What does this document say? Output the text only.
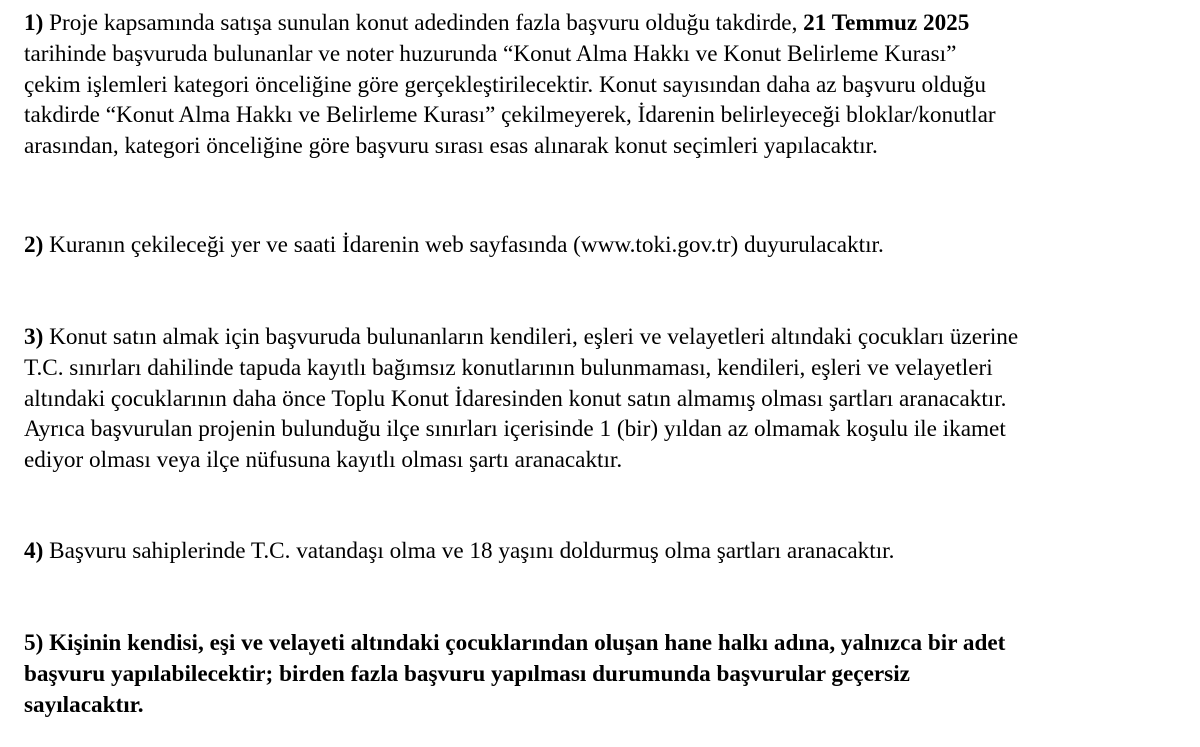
1) Proje kapsamında satışa sunulan konut adedinden fazla başvuru olduğu takdirde, 21 Temmuz 2025
tarihinde başvuruda bulunanlar ve noter huzurunda “Konut Alma Hakkı ve Konut Belirleme Kurası”
çekim işlemleri kategori önceliğine göre gerçekleştirilecektir. Konut sayısından daha az başvuru olduğu
takdirde “Konut Alma Hakkı ve Belirleme Kurası” çekilmeyerek, İdarenin belirleyeceği bloklar/konutlar
arasından, kategori önceliğine göre başvuru sırası esas alınarak konut seçimleri yapılacaktır.

2) Kuranın çekileceği yer ve saati İdarenin web sayfasında (www.toki.gov.tr) duyurulacaktır.

3) Konut satın almak için başvuruda bulunanların kendileri, eşleri ve velayetleri altındaki çocukları üzerine
T.C. sınırları dahilinde tapuda kayıtlı bağımsız konutlarının bulunmaması, kendileri, eşleri ve velayetleri
altındaki çocuklarının daha önce Toplu Konut İdaresinden konut satın almamış olması şartları aranacaktır.
Ayrıca başvurulan projenin bulunduğu ilçe sınırları içerisinde 1 (bir) yıldan az olmamak koşulu ile ikamet
ediyor olması veya ilçe nüfusuna kayıtlı olması şartı aranacaktır.

4) Başvuru sahiplerinde T.C. vatandaşı olma ve 18 yaşını doldurmuş olma şartları aranacaktır.

5) Kişinin kendisi, eşi ve velayeti altındaki çocuklarından oluşan hane halkı adına, yalnızca bir adet
başvuru yapılabilecektir; birden fazla başvuru yapılması durumunda başvurular geçersiz
sayılacaktır.
